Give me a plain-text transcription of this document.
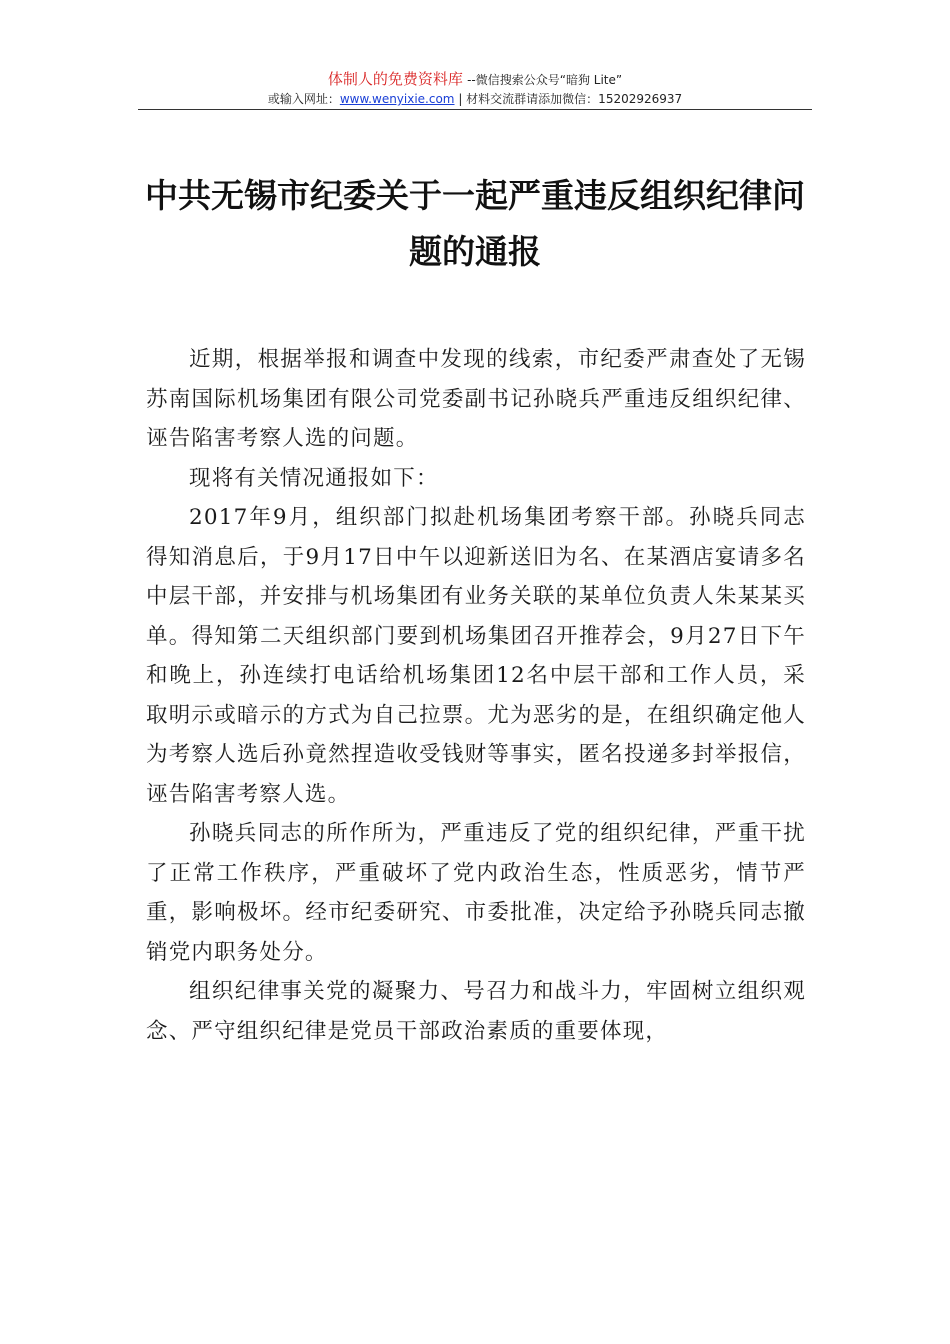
体制人的免费资料库 --微信搜索公众号“暗狗 Lite”
或输入网址：www.wenyixie.com | 材料交流群请添加微信：15202926937
中共无锡市纪委关于一起严重违反组织纪律问题的通报

近期，根据举报和调查中发现的线索，市纪委严肃查处了无锡苏南国际机场集团有限公司党委副书记孙晓兵严重违反组织纪律、诬告陷害考察人选的问题。

现将有关情况通报如下：

2017年9月，组织部门拟赴机场集团考察干部。孙晓兵同志得知消息后，于9月17日中午以迎新送旧为名、在某酒店宴请多名中层干部，并安排与机场集团有业务关联的某单位负责人朱某某买单。得知第二天组织部门要到机场集团召开推荐会，9月27日下午和晚上，孙连续打电话给机场集团12名中层干部和工作人员，采取明示或暗示的方式为自己拉票。尤为恶劣的是，在组织确定他人为考察人选后孙竟然捏造收受钱财等事实，匿名投递多封举报信，诬告陷害考察人选。

孙晓兵同志的所作所为，严重违反了党的组织纪律，严重干扰了正常工作秩序，严重破坏了党内政治生态，性质恶劣，情节严重，影响极坏。经市纪委研究、市委批准，决定给予孙晓兵同志撤销党内职务处分。

组织纪律事关党的凝聚力、号召力和战斗力，牢固树立组织观念、严守组织纪律是党员干部政治素质的重要体现，
